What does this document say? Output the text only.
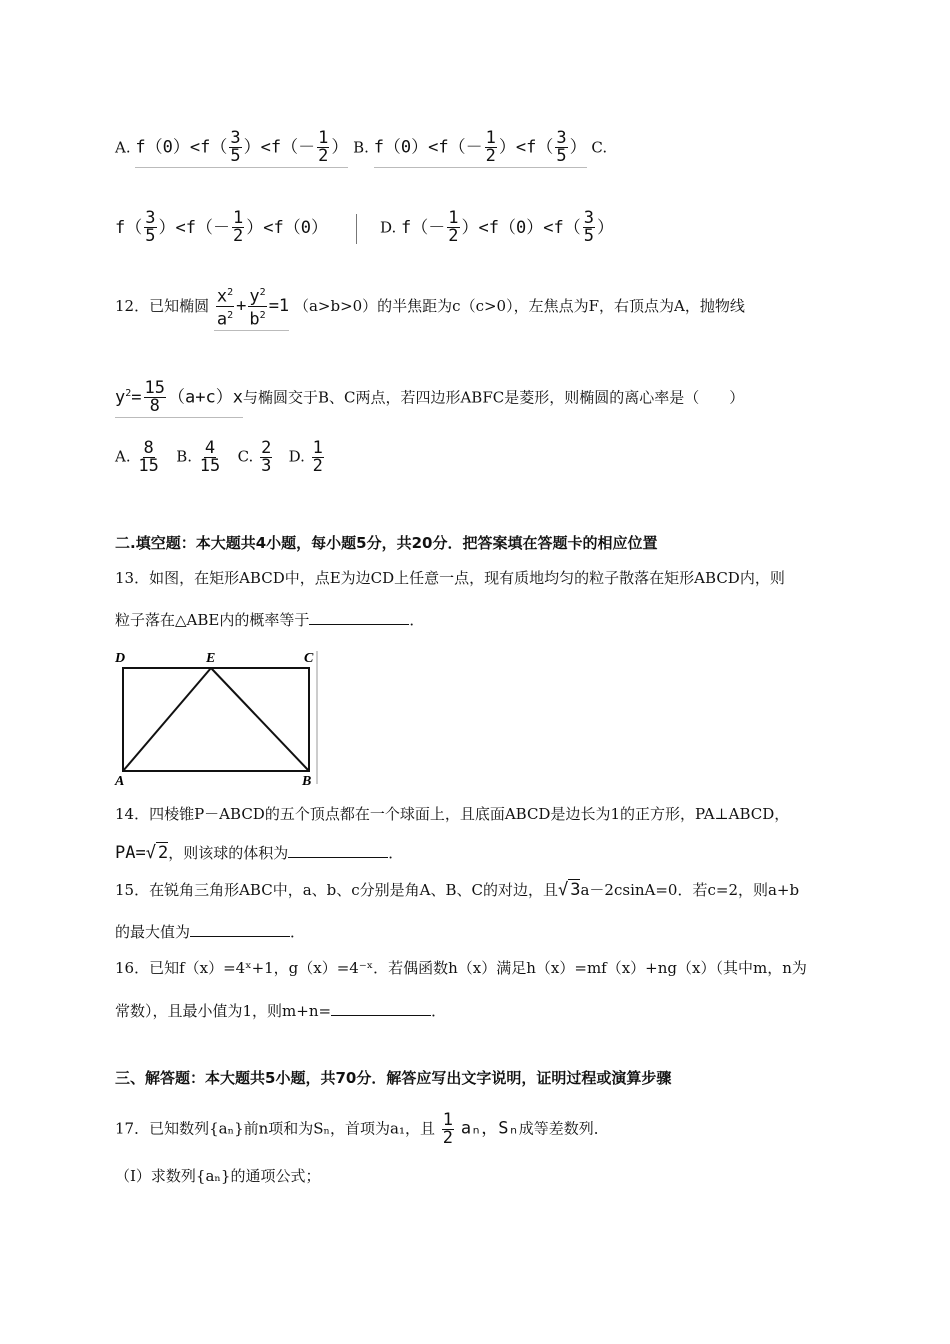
A. $f(0)<f( \frac{3}{5} )<f(- \frac{1}{2}$ ） B. $f(0)<f(- \frac{1}{2} )<f( \frac{3}{5}$ ） C.
$f( \frac{3}{5} )<f(- \frac{1}{2} )<f(0)$	D. $f(- \frac{1}{2} )<f(0)<f( \frac{3}{5}$ ）
12．已知椭圆 $\frac{x^2}{a^2} + \frac{y^2}{b^2} =1$ （a>b>0）的半焦距为c（c>0），左焦点为F，右顶点为A，抛物线
$y^2= \frac{15}{8} (a+c)x$与椭圆交于B、C两点，若四边形ABFC是菱形，则椭圆的离心率是（　　）
A. $\frac{8}{15} B$. $\frac{4}{15} C$. $\frac{2}{3} D$. $\frac{1}{2}$
二.填空题：本大题共4小题，每小题5分，共20分．把答案填在答题卡的相应位置
13．如图，在矩形ABCD中，点E为边CD上任意一点，现有质地均匀的粒子散落在矩形ABCD内，则
粒子落在△ABE内的概率等于	．
D	E	C
A	B
14．四棱锥P－ABCD的五个顶点都在一个球面上，且底面ABCD是边长为1的正方形，PA⊥ABCD，
PA=√ 2，则该球的体积为	．
15．在锐角三角形ABC中，a、b、c分别是角A、B、C的对边，且√ 3a－2csinA=0．若c=2，则a+b
的最大值为	．
16．已知f（x）=4ˣ+1，g（x）=4⁻ˣ．若偶函数h（x）满足h（x）=mf（x）+ng（x）（其中m，n为
常数），且最小值为1，则m+n=	．
三、解答题：本大题共5小题，共70分．解答应写出文字说明，证明过程或演算步骤
17．已知数列{aₙ}前n项和为Sₙ，首项为a₁，且 $\frac{1}{2}$ aₙ，Sₙ成等差数列．
（Ⅰ）求数列{aₙ}的通项公式；
